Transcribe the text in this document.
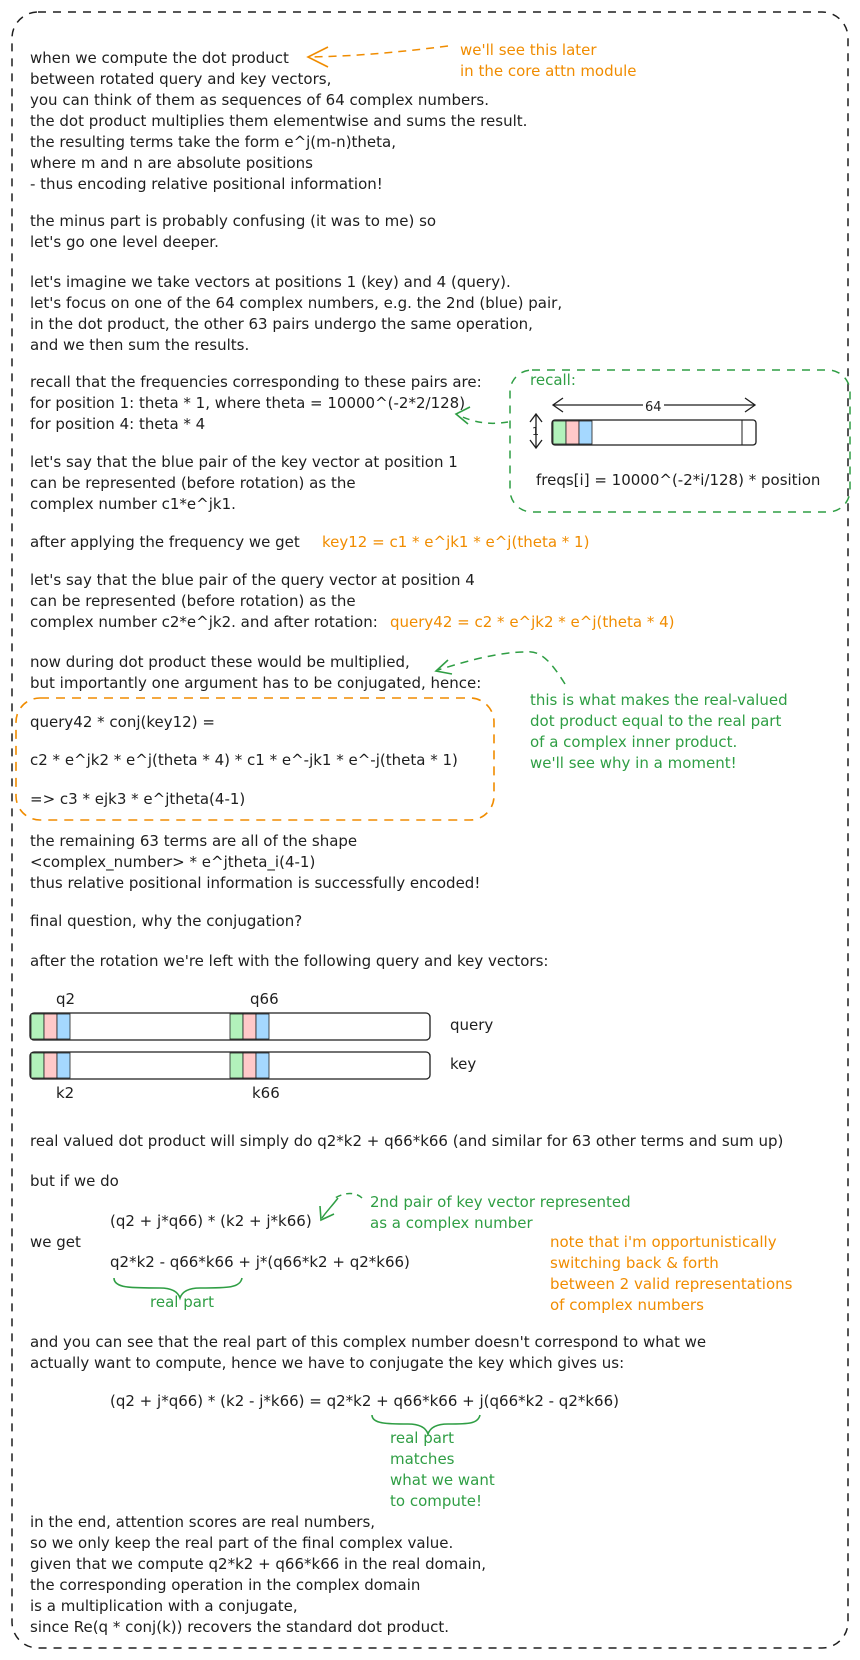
when we compute the dot product
between rotated query and key vectors,
you can think of them as sequences of 64 complex numbers.
the dot product multiplies them elementwise and sums the result.
the resulting terms take the form e^j(m-n)theta,
where m and n are absolute positions
- thus encoding relative positional information!
we'll see this later
in the core attn module
the minus part is probably confusing (it was to me) so
let's go one level deeper.
let's imagine we take vectors at positions 1 (key) and 4 (query).
let's focus on one of the 64 complex numbers, e.g. the 2nd (blue) pair,
in the dot product, the other 63 pairs undergo the same operation,
and we then sum the results.
recall that the frequencies corresponding to these pairs are:
for position 1: theta * 1, where theta = 10000^(-2*2/128)
for position 4: theta * 4
recall:
64
1
freqs[i] = 10000^(-2*i/128) * position
let's say that the blue pair of the key vector at position 1
can be represented (before rotation) as the
complex number c1*e^jk1.
after applying the frequency we get key12 = c1 * e^jk1 * e^j(theta * 1)
let's say that the blue pair of the query vector at position 4
can be represented (before rotation) as the
complex number c2*e^jk2. and after rotation: query42 = c2 * e^jk2 * e^j(theta * 4)
now during dot product these would be multiplied,
but importantly one argument has to be conjugated, hence:
query42 * conj(key12) =
c2 * e^jk2 * e^j(theta * 4) * c1 * e^-jk1 * e^-j(theta * 1)
=> c3 * ejk3 * e^jtheta(4-1)
this is what makes the real-valued
dot product equal to the real part
of a complex inner product.
we'll see why in a moment!
the remaining 63 terms are all of the shape
<complex_number> * e^jtheta_i(4-1)
thus relative positional information is successfully encoded!
final question, why the conjugation?
after the rotation we're left with the following query and key vectors:
q2	q66
query
key
k2	k66
real valued dot product will simply do q2*k2 + q66*k66 (and similar for 63 other terms and sum up)
but if we do
(q2 + j*q66) * (k2 + j*k66)
we get
q2*k2 - q66*k66 + j*(q66*k2 + q2*k66)
real part
2nd pair of key vector represented
as a complex number
note that i'm opportunistically
switching back & forth
between 2 valid representations
of complex numbers
and you can see that the real part of this complex number doesn't correspond to what we
actually want to compute, hence we have to conjugate the key which gives us:
(q2 + j*q66) * (k2 - j*k66) = q2*k2 + q66*k66 + j(q66*k2 - q2*k66)
real part
matches
what we want
to compute!
in the end, attention scores are real numbers,
so we only keep the real part of the final complex value.
given that we compute q2*k2 + q66*k66 in the real domain,
the corresponding operation in the complex domain
is a multiplication with a conjugate,
since Re(q * conj(k)) recovers the standard dot product.
